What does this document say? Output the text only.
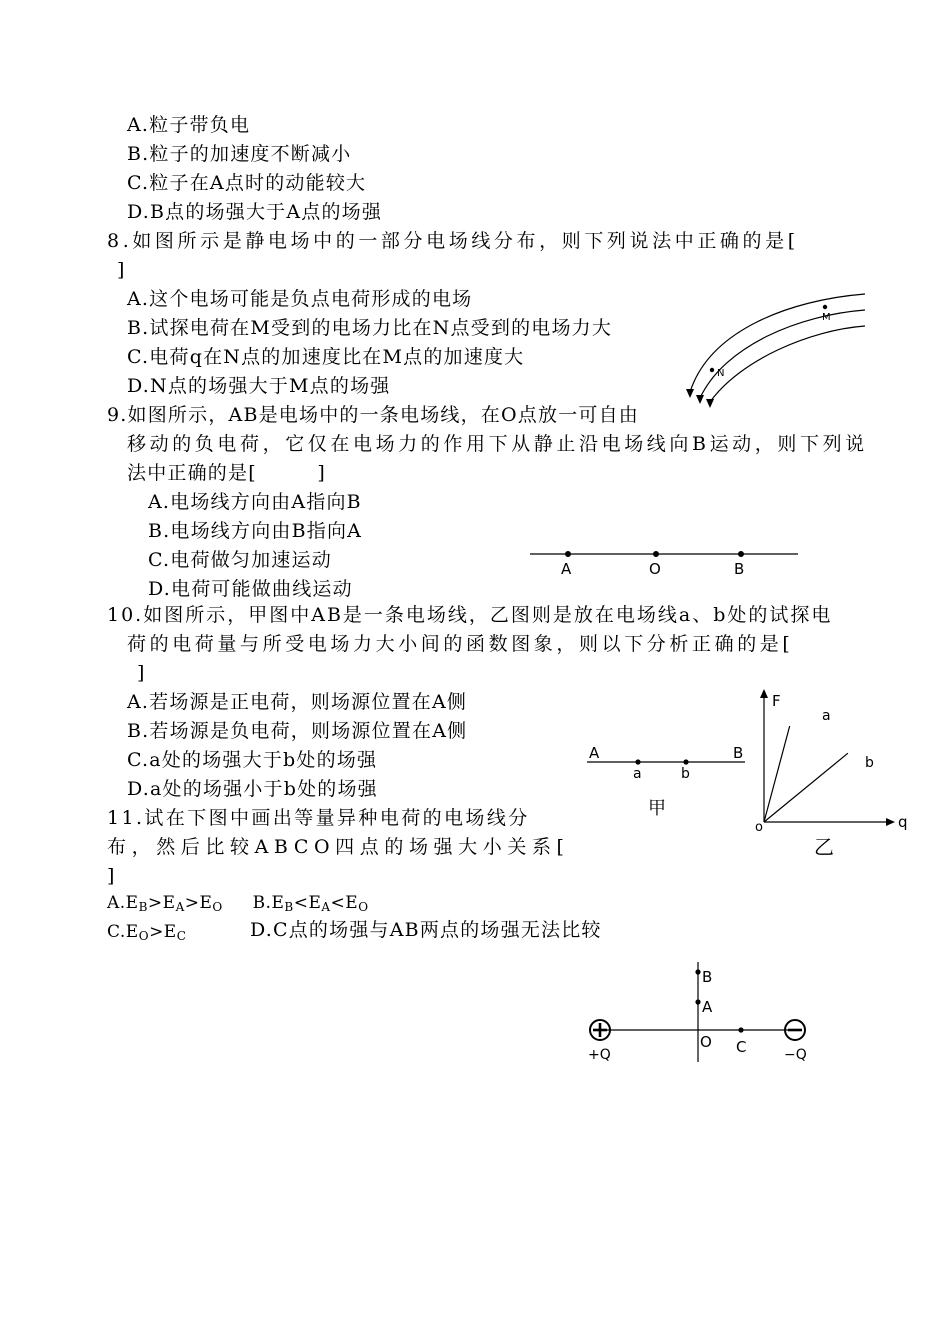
A.粒子带负电
B.粒子的加速度不断减小
C.粒子在A点时的动能较大
D.B点的场强大于A点的场强
8.如图所示是静电场中的一部分电场线分布，则下列说法中正确的是[
]
A.这个电场可能是负点电荷形成的电场
B.试探电荷在M受到的电场力比在N点受到的电场力大
C.电荷q在N点的加速度比在M点的加速度大
D.N点的场强大于M点的场强
M
N
9.如图所示，AB是电场中的一条电场线，在O点放一可自由
移动的负电荷，它仅在电场力的作用下从静止沿电场线向B运动，则下列说
法中正确的是[　　　]
A.电场线方向由A指向B
B.电场线方向由B指向A
C.电荷做匀加速运动
D.电荷可能做曲线运动
A	O	B
10.如图所示，甲图中AB是一条电场线，乙图则是放在电场线a、b处的试探电
荷的电荷量与所受电场力大小间的函数图象，则以下分析正确的是[
]
A.若场源是正电荷，则场源位置在A侧
B.若场源是负电荷，则场源位置在A侧
C.a处的场强大于b处的场强
D.a处的场强小于b处的场强
A	B
a	b
甲
F
q
o
a
b
乙
11.试在下图中画出等量异种电荷的电场线分
布，然后比较ABCO四点的场强大小关系[
]
$A.E_B>E_A>E_O$ $B.E_B<E_A<E_O$
$C.E_O>E_C$	D.C点的场强与AB两点的场强无法比较
B
A
O C
+Q	−Q
